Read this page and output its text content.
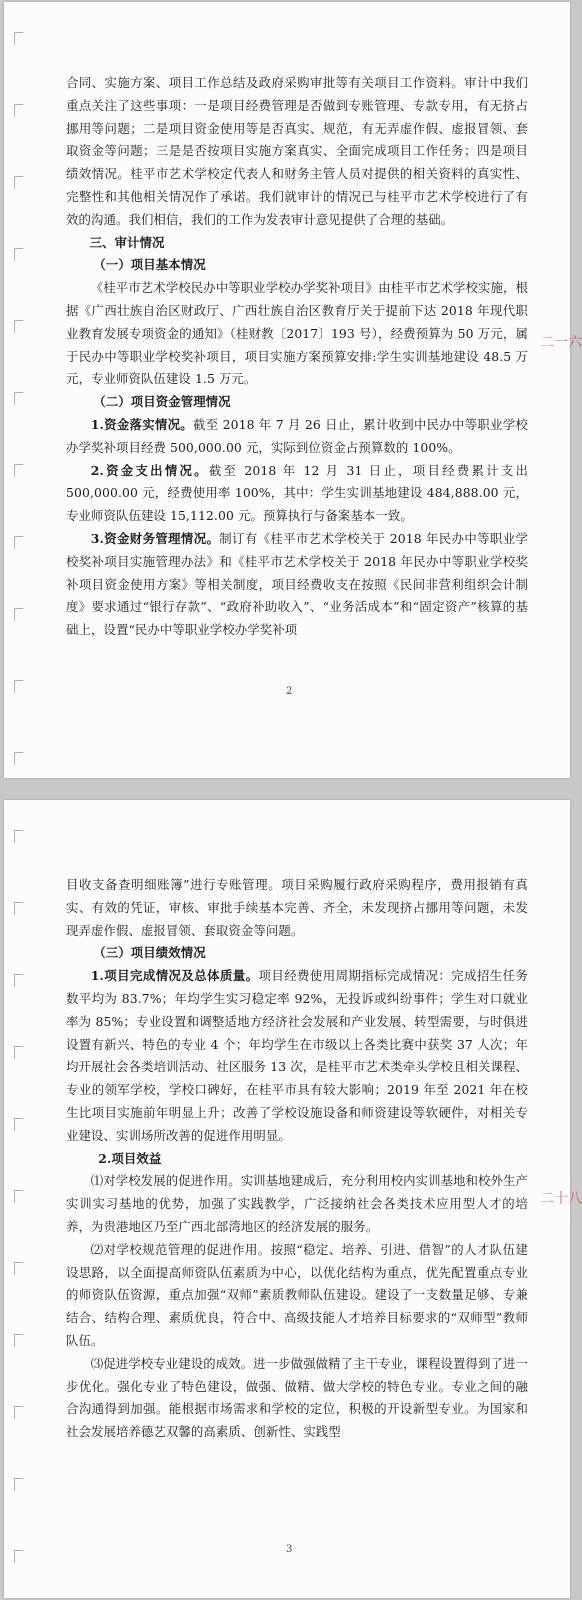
合同、实施方案、项目工作总结及政府采购审批等有关项目工作资料。审计中我们重点关注了这些事项：一是项目经费管理是否做到专账管理、专款专用，有无挤占挪用等问题；二是项目资金使用等是否真实、规范，有无弄虚作假、虚报冒领、套取资金等问题；三是是否按项目实施方案真实、全面完成项目工作任务；四是项目绩效情况。桂平市艺术学校定代表人和财务主管人员对提供的相关资料的真实性、完整性和其他相关情况作了承诺。我们就审计的情况已与桂平市艺术学校进行了有效的沟通。我们相信，我们的工作为发表审计意见提供了合理的基础。

三、审计情况

（一）项目基本情况

《桂平市艺术学校民办中等职业学校办学奖补项目》由桂平市艺术学校实施，根据《广西壮族自治区财政厅、广西壮族自治区教育厅关于提前下达 2018 年现代职业教育发展专项资金的通知》（桂财教〔2017〕193 号），经费预算为 50 万元，属于民办中等职业学校奖补项目，项目实施方案预算安排:学生实训基地建设 48.5 万元，专业师资队伍建设 1.5 万元。

（二）项目资金管理情况

1.资金落实情况。截至 2018 年 7 月 26 日止，累计收到中民办中等职业学校办学奖补项目经费 500,000.00 元，实际到位资金占预算数的 100%。

2.资金支出情况。截至 2018 年 12 月 31 日止，项目经费累计支出 500,000.00 元，经费使用率 100%，其中：学生实训基地建设 484,888.00 元，专业师资队伍建设 15,112.00 元。预算执行与备案基本一致。

3.资金财务管理情况。制订有《桂平市艺术学校关于 2018 年民办中等职业学校奖补项目实施管理办法》和《桂平市艺术学校关于 2018 年民办中等职业学校奖补项目资金使用方案》等相关制度，项目经费收支在按照《民间非营利组织会计制度》要求通过“银行存款”、“政府补助收入”、“业务活成本”和“固定资产”核算的基础上，设置“民办中等职业学校办学奖补项

2
二一六

目收支备查明细账簿”进行专账管理。项目采购履行政府采购程序，费用报销有真实、有效的凭证，审核、审批手续基本完善、齐全，未发现挤占挪用等问题，未发现弄虚作假、虚报冒领、套取资金等问题。

（三）项目绩效情况

1.项目完成情况及总体质量。项目经费使用周期指标完成情况：完成招生任务数平均为 83.7%；年均学生实习稳定率 92%，无投诉或纠纷事件；学生对口就业率为 85%；专业设置和调整适地方经济社会发展和产业发展、转型需要，与时俱进设置有新兴、特色的专业 4 个；年均学生在市级以上各类比赛中获奖 37 人次；年均开展社会各类培训活动、社区服务 13 次，是桂平市艺术类牵头学校且相关课程、专业的领军学校，学校口碑好，在桂平市具有较大影响；2019 年至 2021 年在校生比项目实施前年明显上升；改善了学校设施设备和师资建设等软硬件，对相关专业建设、实训场所改善的促进作用明显。

2.项目效益

⑴对学校发展的促进作用。实训基地建成后，充分利用校内实训基地和校外生产实训实习基地的优势，加强了实践教学，广泛接纳社会各类技术应用型人才的培养，为贵港地区乃至广西北部湾地区的经济发展的服务。

⑵对学校规范管理的促进作用。按照“稳定、培养、引进、借智”的人才队伍建设思路，以全面提高师资队伍素质为中心，以优化结构为重点，优先配置重点专业的师资队伍资源，重点加强“双师”素质教师队伍建设。建设了一支数量足够、专兼结合、结构合理、素质优良，符合中、高级技能人才培养目标要求的“双师型”教师队伍。

⑶促进学校专业建设的成效。进一步做强做精了主干专业，课程设置得到了进一步优化。强化专业了特色建设，做强、做精、做大学校的特色专业。专业之间的融合沟通得到加强。能根据市场需求和学校的定位，积极的开设新型专业。为国家和社会发展培养德艺双馨的高素质、创新性、实践型

3
二十八
